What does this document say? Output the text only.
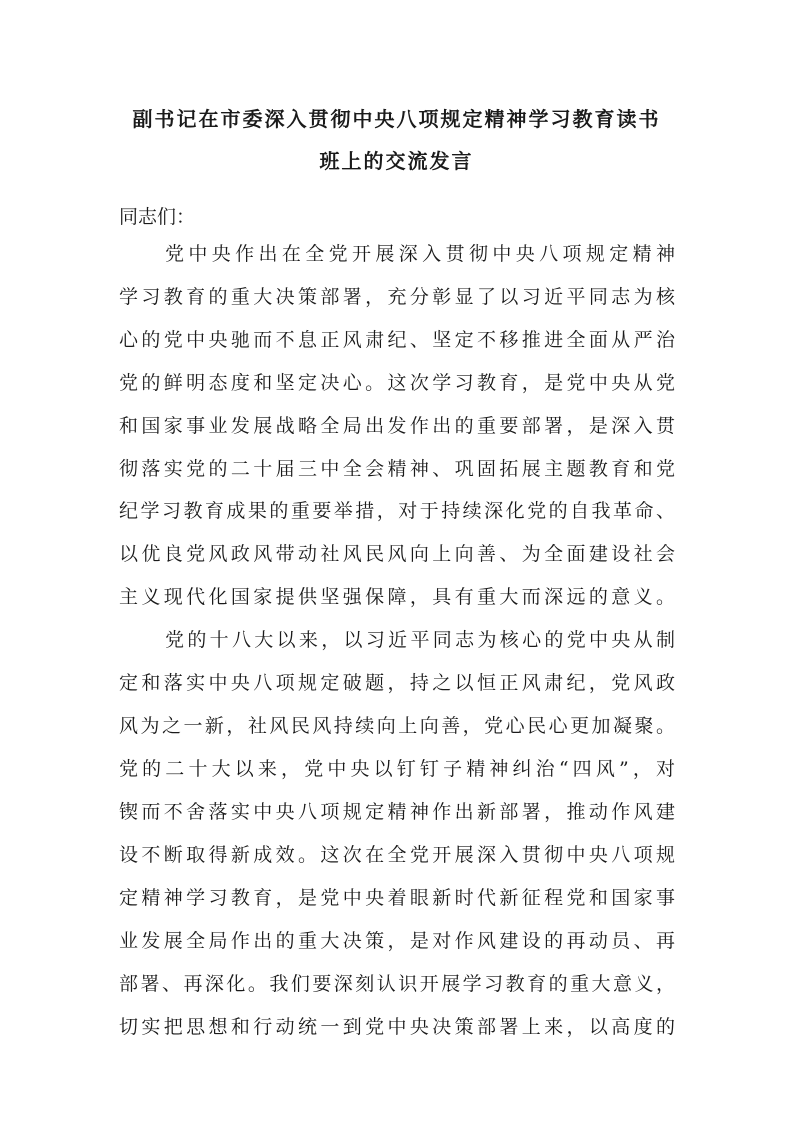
副书记在市委深入贯彻中央八项规定精神学习教育读书
班上的交流发言

同志们：

党中央作出在全党开展深入贯彻中央八项规定精神

学习教育的重大决策部署，充分彰显了以习近平同志为核

心的党中央驰而不息正风肃纪、坚定不移推进全面从严治

党的鲜明态度和坚定决心。这次学习教育，是党中央从党

和国家事业发展战略全局出发作出的重要部署，是深入贯

彻落实党的二十届三中全会精神、巩固拓展主题教育和党

纪学习教育成果的重要举措，对于持续深化党的自我革命、

以优良党风政风带动社风民风向上向善、为全面建设社会

主义现代化国家提供坚强保障，具有重大而深远的意义。

党的十八大以来，以习近平同志为核心的党中央从制

定和落实中央八项规定破题，持之以恒正风肃纪，党风政

风为之一新，社风民风持续向上向善，党心民心更加凝聚。

党的二十大以来，党中央以钉钉子精神纠治“四风”，对

锲而不舍落实中央八项规定精神作出新部署，推动作风建

设不断取得新成效。这次在全党开展深入贯彻中央八项规

定精神学习教育，是党中央着眼新时代新征程党和国家事

业发展全局作出的重大决策，是对作风建设的再动员、再

部署、再深化。我们要深刻认识开展学习教育的重大意义，

切实把思想和行动统一到党中央决策部署上来，以高度的
